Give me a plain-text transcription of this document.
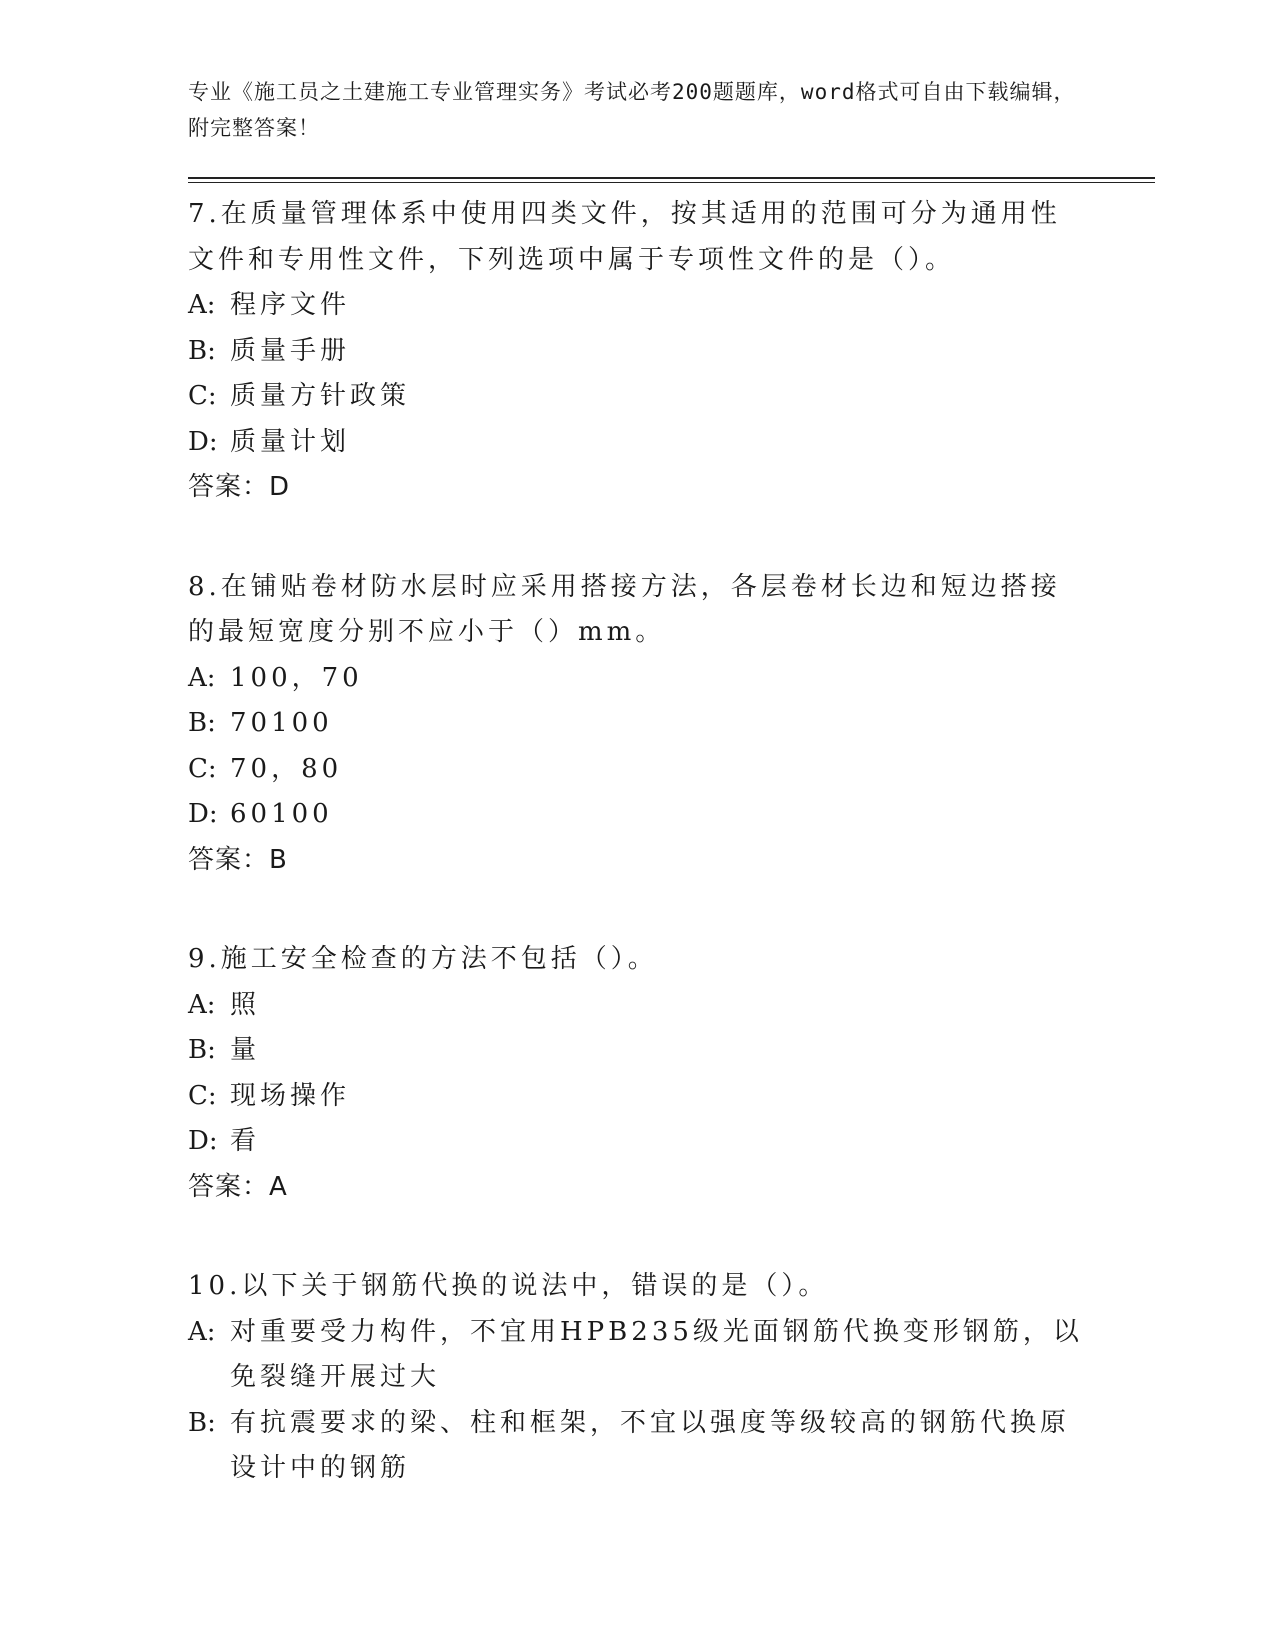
专业《施工员之土建施工专业管理实务》考试必考200题题库，word格式可自由下载编辑，附完整答案！

7.在质量管理体系中使用四类文件，按其适用的范围可分为通用性文件和专用性文件，下列选项中属于专项性文件的是（）。

A: 程序文件

B: 质量手册

C: 质量方针政策

D: 质量计划

答案：D

8.在铺贴卷材防水层时应采用搭接方法，各层卷材长边和短边搭接的最短宽度分别不应小于（）mm。

A: 100，70

B: 70100

C: 70，80

D: 60100

答案：B

9.施工安全检查的方法不包括（）。

A: 照

B: 量

C: 现场操作

D: 看

答案：A

10.以下关于钢筋代换的说法中，错误的是（）。

A: 对重要受力构件，不宜用HPB235级光面钢筋代换变形钢筋，以免裂缝开展过大

B: 有抗震要求的梁、柱和框架，不宜以强度等级较高的钢筋代换原设计中的钢筋
